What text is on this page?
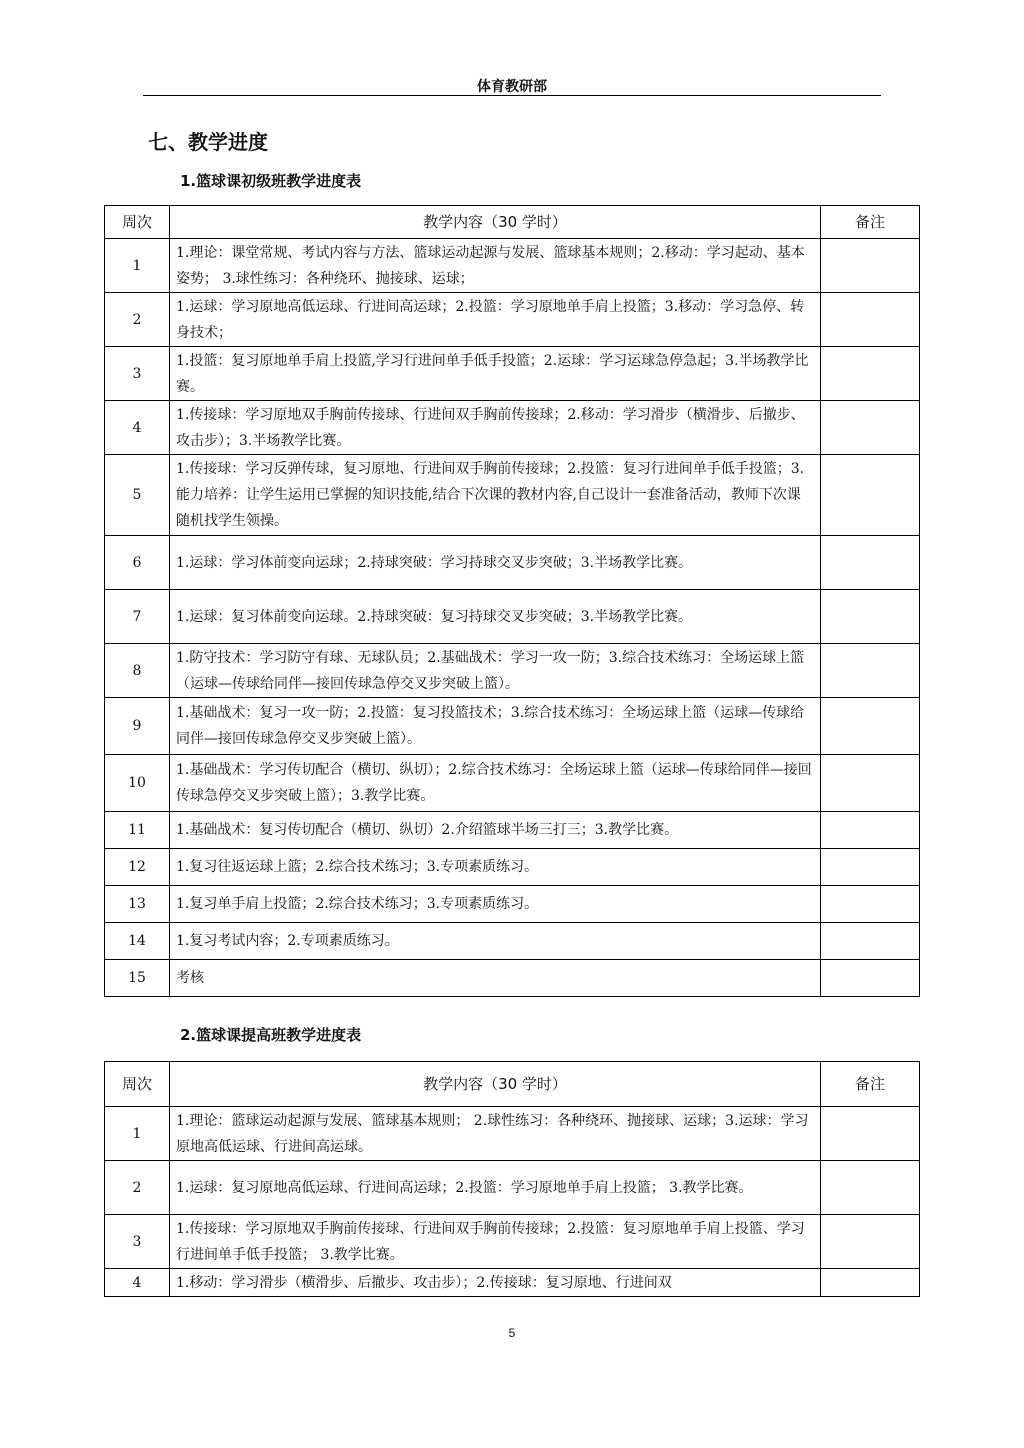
体育教研部
七、教学进度
1.篮球课初级班教学进度表
周次	教学内容（30 学时）	备注
1	1.理论：课堂常规、考试内容与方法、篮球运动起源与发展、篮球基本规则；2.移动：学习起动、基本姿势； 3.球性练习：各种绕环、抛接球、运球；	
2	1.运球：学习原地高低运球、行进间高运球；2.投篮：学习原地单手肩上投篮；3.移动：学习急停、转身技术；	
3	1.投篮：复习原地单手肩上投篮,学习行进间单手低手投篮；2.运球：学习运球急停急起；3.半场教学比赛。	
4	1.传接球：学习原地双手胸前传接球、行进间双手胸前传接球；2.移动：学习滑步（横滑步、后撤步、攻击步）；3.半场教学比赛。	
5	1.传接球：学习反弹传球，复习原地、行进间双手胸前传接球；2.投篮：复习行进间单手低手投篮；3.能力培养：让学生运用已掌握的知识技能,结合下次课的教材内容,自己设计一套准备活动，教师下次课随机找学生领操。	
6	1.运球：学习体前变向运球；2.持球突破：学习持球交叉步突破；3.半场教学比赛。	
7	1.运球：复习体前变向运球。2.持球突破：复习持球交叉步突破；3.半场教学比赛。	
8	1.防守技术：学习防守有球、无球队员；2.基础战术：学习一攻一防；3.综合技术练习：全场运球上篮（运球—传球给同伴—接回传球急停交叉步突破上篮）。	
9	1.基础战术：复习一攻一防；2.投篮：复习投篮技术；3.综合技术练习：全场运球上篮（运球—传球给同伴—接回传球急停交叉步突破上篮）。	
10	1.基础战术：学习传切配合（横切、纵切）；2.综合技术练习：全场运球上篮（运球—传球给同伴—接回传球急停交叉步突破上篮）；3.教学比赛。	
11	1.基础战术：复习传切配合（横切、纵切）2.介绍篮球半场三打三；3.教学比赛。	
12	1.复习往返运球上篮；2.综合技术练习；3.专项素质练习。	
13	1.复习单手肩上投篮；2.综合技术练习；3.专项素质练习。	
14	1.复习考试内容；2.专项素质练习。	
15	考核	
2.篮球课提高班教学进度表
周次	教学内容（30 学时）	备注
1	1.理论：篮球运动起源与发展、篮球基本规则； 2.球性练习：各种绕环、抛接球、运球；3.运球：学习原地高低运球、行进间高运球。	
2	1.运球：复习原地高低运球、行进间高运球；2.投篮：学习原地单手肩上投篮； 3.教学比赛。	
3	1.传接球：学习原地双手胸前传接球、行进间双手胸前传接球；2.投篮：复习原地单手肩上投篮、学习行进间单手低手投篮； 3.教学比赛。	
4	1.移动：学习滑步（横滑步、后撤步、攻击步）；2.传接球：复习原地、行进间双	
5
